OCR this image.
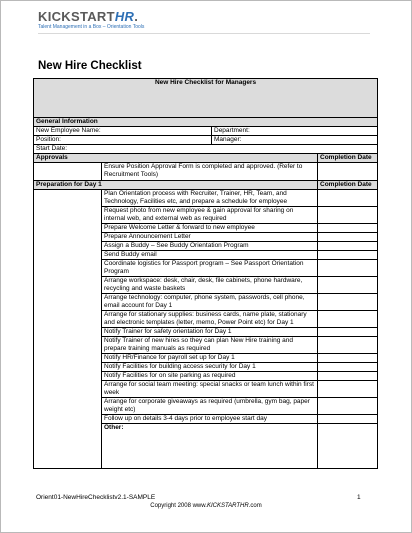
KICKSTARTHR.
Talent Management in a Box – Orientation Tools
New Hire Checklist
New Hire Checklist for Managers			
General Information			
New Employee Name:		Department:	
Position:		Manager:	
Start Date:			
Approvals			Completion Date
	Ensure Position Approval Form is completed and approved. (Refer to Recruitment Tools)		
Preparation for Day 1			Completion Date
	Plan Orientation process with Recruiter, Trainer, HR, Team, and Technology, Facilities etc, and prepare a schedule for employee		
	Request photo from new employee & gain approval for sharing on internal web, and external web as required		
	Prepare Welcome Letter & forward to new employee		
	Prepare Announcement Letter		
	Assign a Buddy – See Buddy Orientation Program		
	Send Buddy email		
	Coordinate logistics for Passport program – See Passport Orientation Program		
	Arrange workspace: desk, chair, desk, file cabinets, phone hardware, recycling and waste baskets		
	Arrange technology: computer, phone system, passwords, cell phone, email account for Day 1		
	Arrange for stationary supplies: business cards, name plate, stationary and electronic templates (letter, memo, Power Point etc) for Day 1		
	Notify Trainer for safety orientation for Day 1		
	Notify Trainer of new hires so they can plan New Hire training and prepare training manuals as required		
	Notify HR/Finance for payroll set up for Day 1		
	Notify Facilities for building access security for Day 1		
	Notify Facilities for on site parking as required		
	Arrange for social team meeting: special snacks or team lunch within first week		
	Arrange for corporate giveaways as required (umbrella, gym bag, paper weight etc)		
	Follow up on details 3-4 days prior to employee start day		
	Other:		
Orient01-NewHireChecklistv2.1-SAMPLE	1
Copyright 2008 www.KICKSTARTHR.com
